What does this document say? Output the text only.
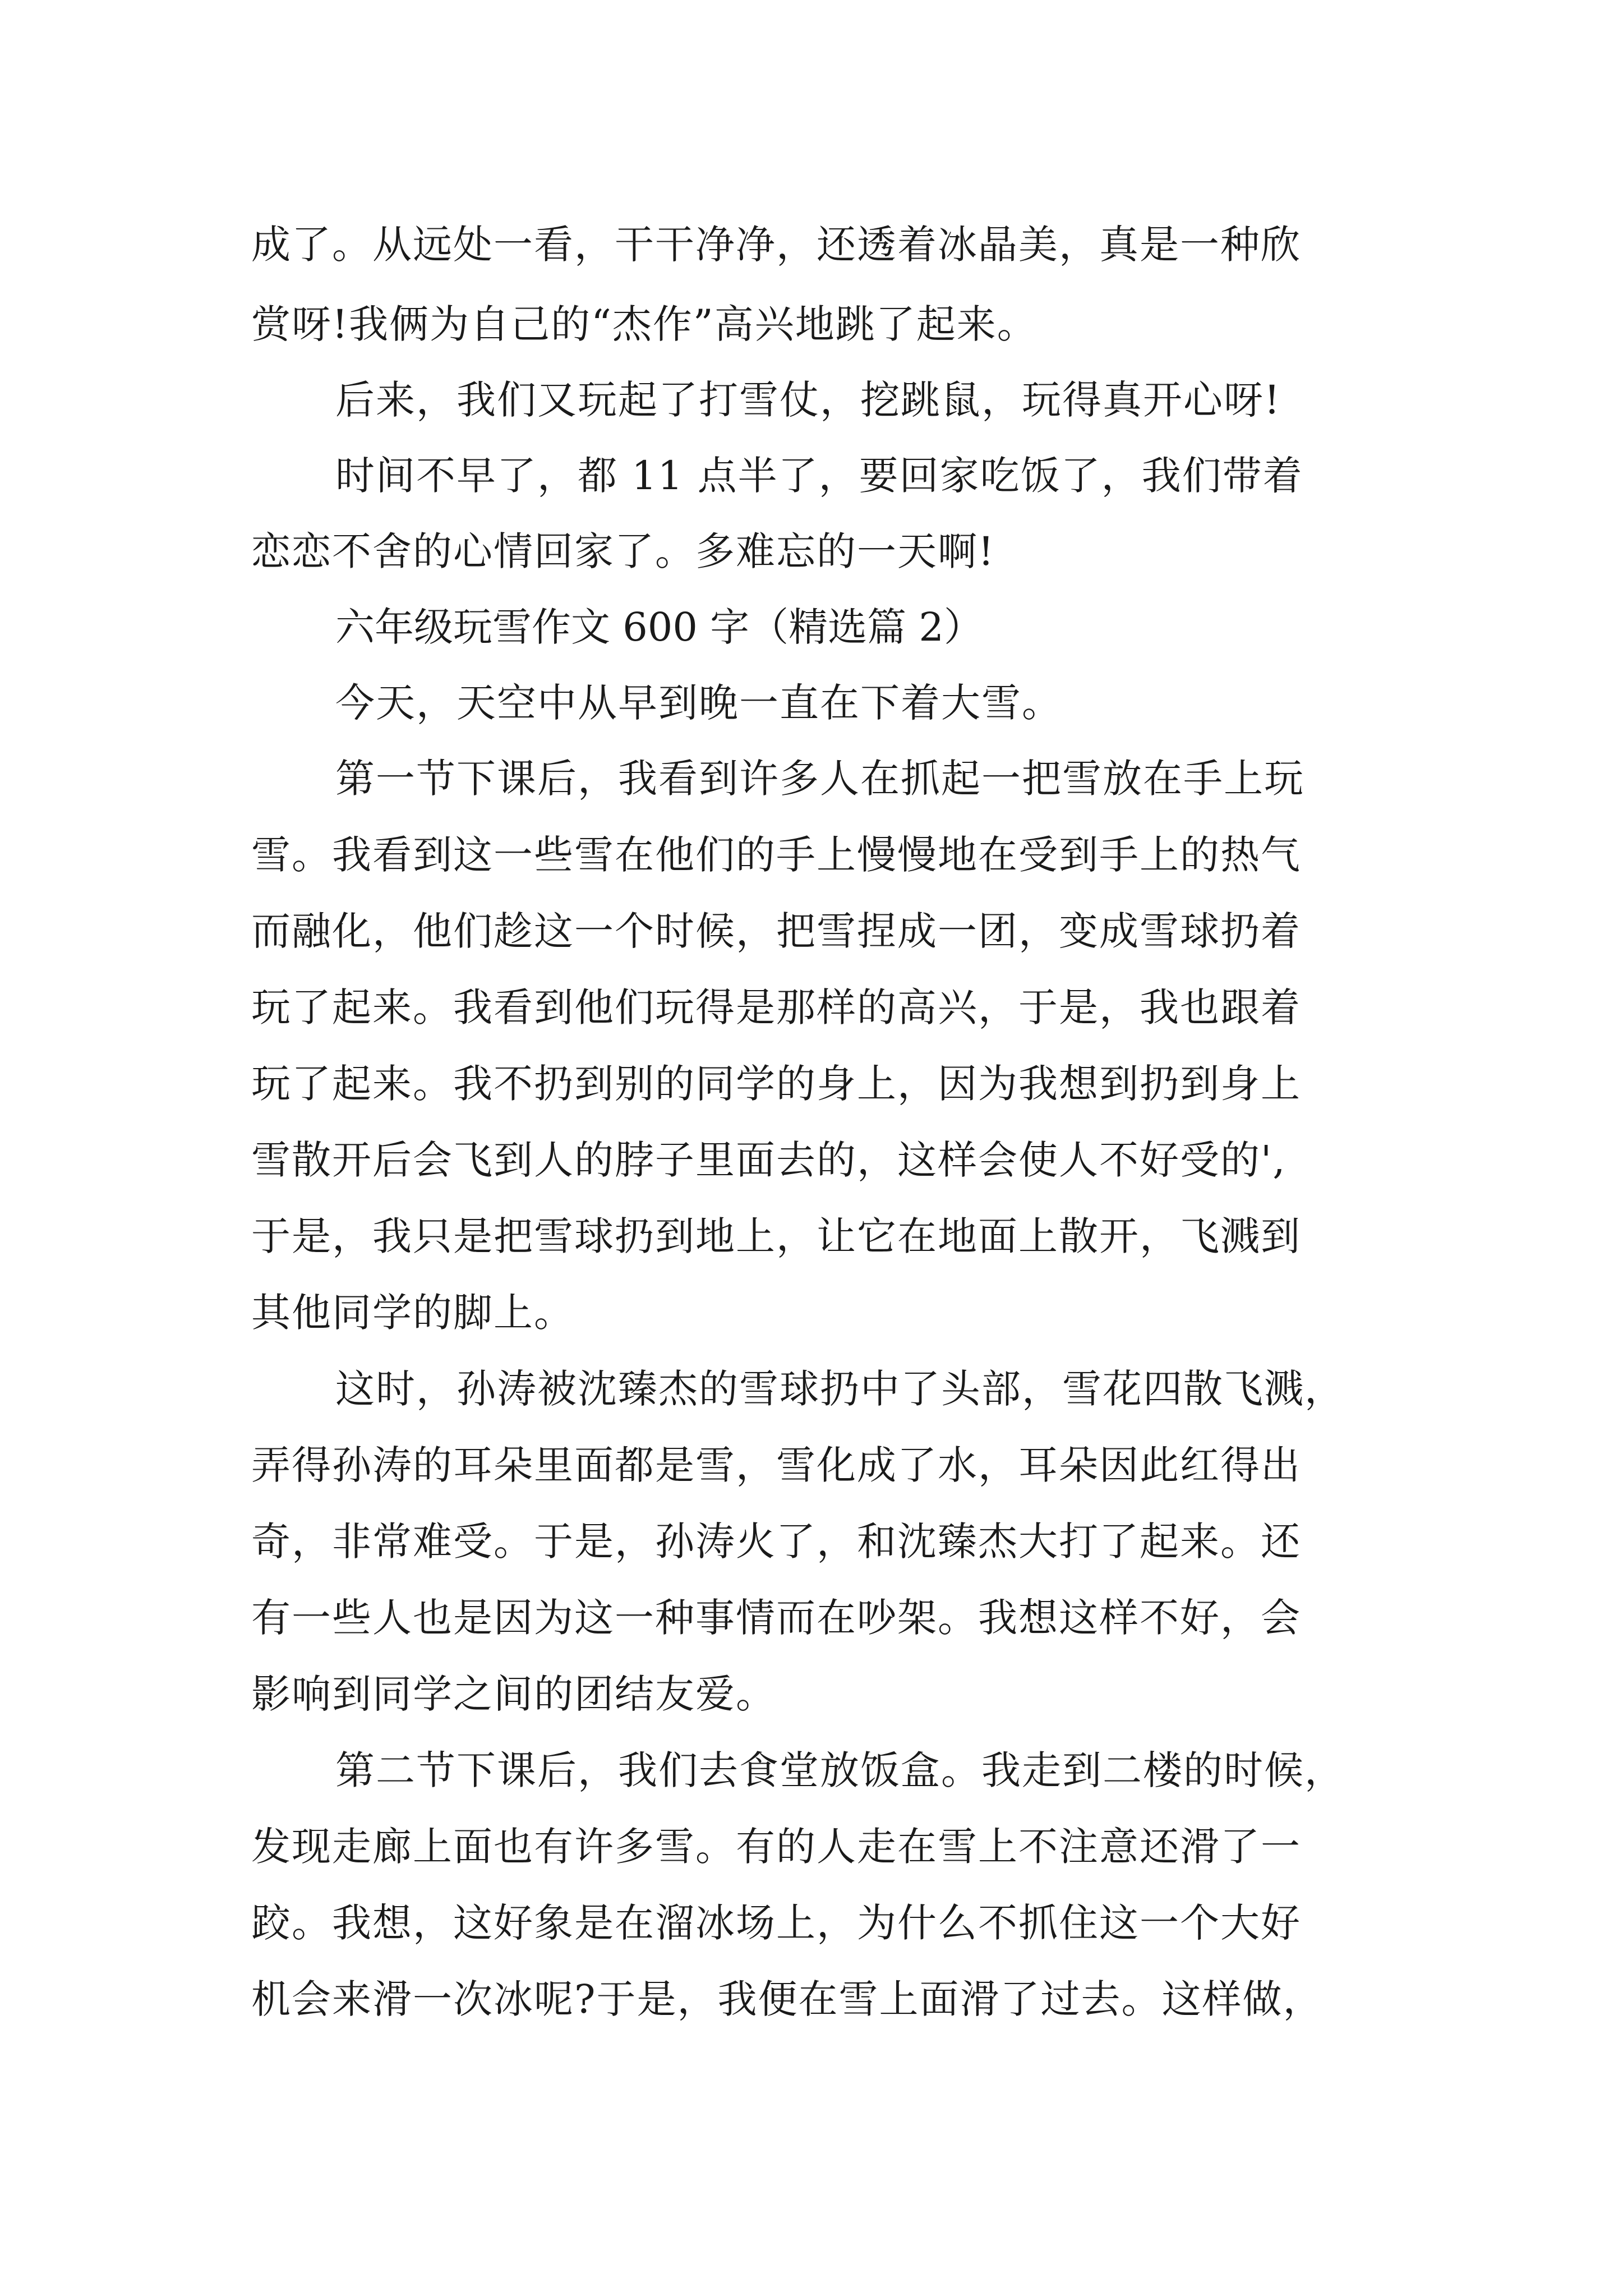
成了。从远处一看，干干净净，还透着冰晶美，真是一种欣
赏呀!我俩为自己的“杰作”高兴地跳了起来。
后来，我们又玩起了打雪仗，挖跳鼠，玩得真开心呀!
时间不早了，都 11 点半了，要回家吃饭了，我们带着
恋恋不舍的心情回家了。多难忘的一天啊!
六年级玩雪作文 600 字（精选篇 2）
今天，天空中从早到晚一直在下着大雪。
第一节下课后，我看到许多人在抓起一把雪放在手上玩
雪。我看到这一些雪在他们的手上慢慢地在受到手上的热气
而融化，他们趁这一个时候，把雪捏成一团，变成雪球扔着
玩了起来。我看到他们玩得是那样的高兴，于是，我也跟着
玩了起来。我不扔到别的同学的身上，因为我想到扔到身上
雪散开后会飞到人的脖子里面去的，这样会使人不好受的',
于是，我只是把雪球扔到地上，让它在地面上散开，飞溅到
其他同学的脚上。
这时，孙涛被沈臻杰的雪球扔中了头部，雪花四散飞溅，
弄得孙涛的耳朵里面都是雪，雪化成了水，耳朵因此红得出
奇，非常难受。于是，孙涛火了，和沈臻杰大打了起来。还
有一些人也是因为这一种事情而在吵架。我想这样不好，会
影响到同学之间的团结友爱。
第二节下课后，我们去食堂放饭盒。我走到二楼的时候，
发现走廊上面也有许多雪。有的人走在雪上不注意还滑了一
跤。我想，这好象是在溜冰场上，为什么不抓住这一个大好
机会来滑一次冰呢?于是，我便在雪上面滑了过去。这样做，
